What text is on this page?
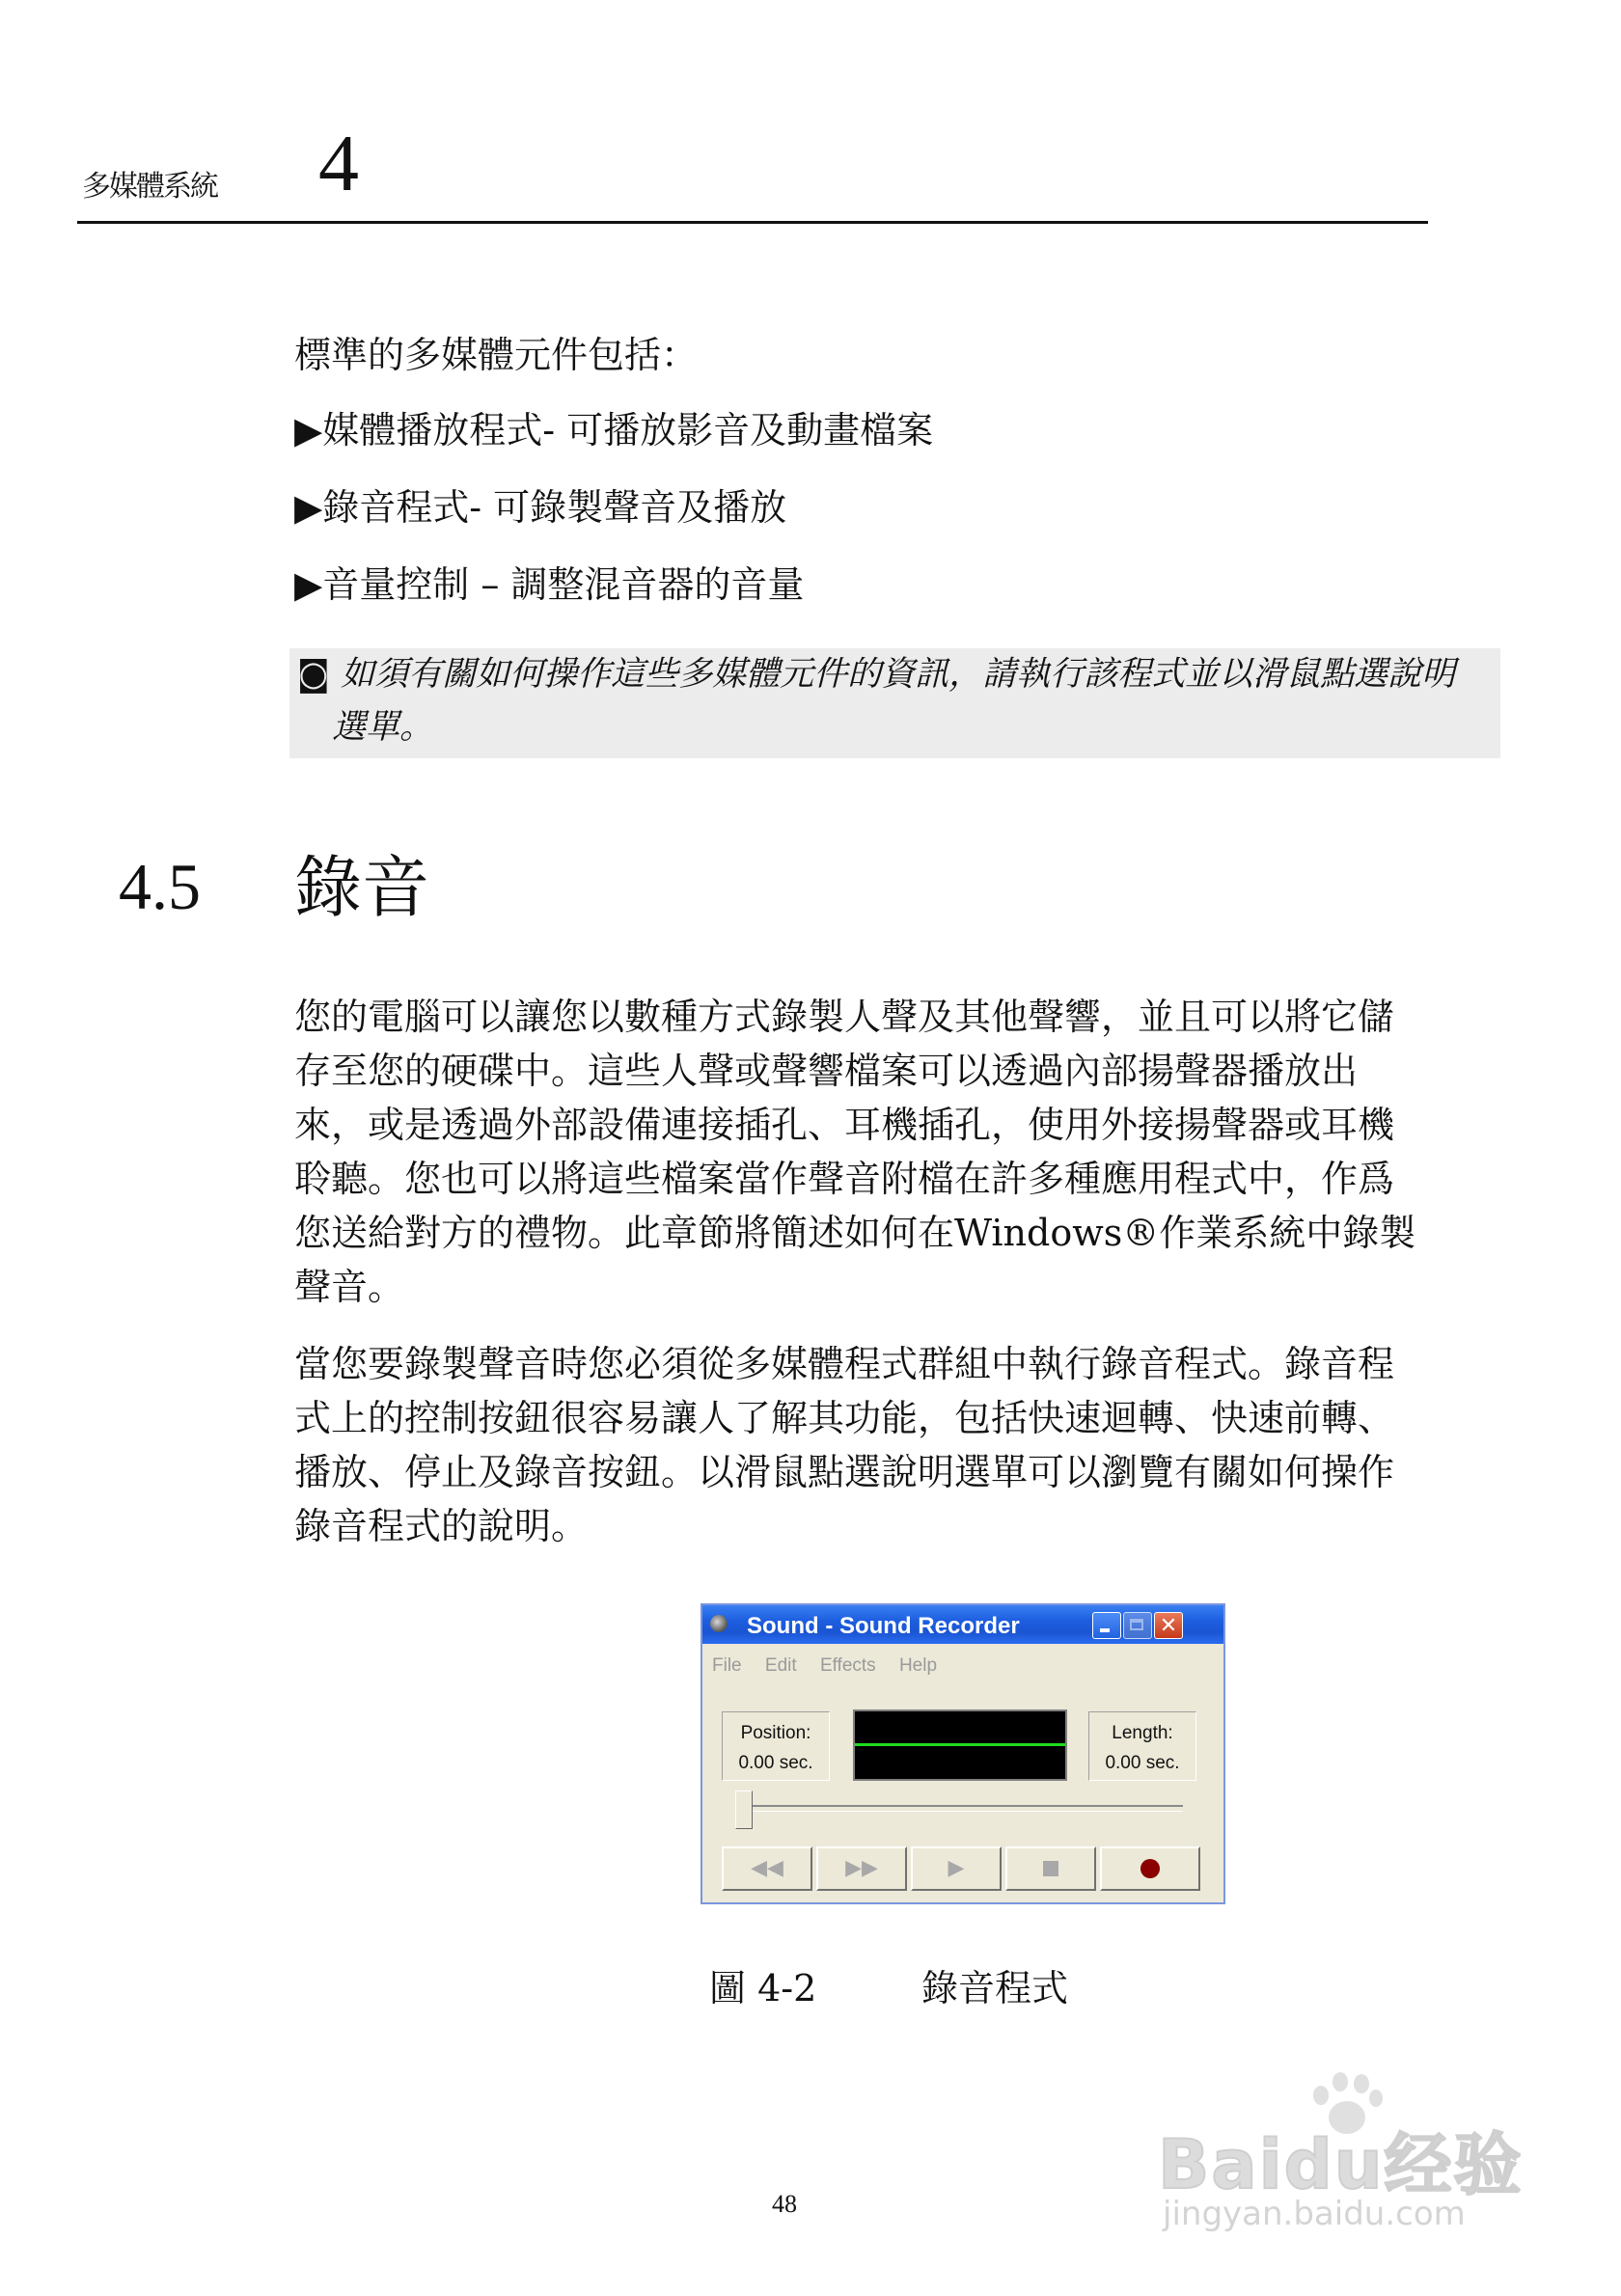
多媒體系統 4
標準的多媒體元件包括：
▶媒體播放程式- 可播放影音及動畫檔案
▶錄音程式- 可錄製聲音及播放
▶音量控制 – 調整混音器的音量
◙ 如須有關如何操作這些多媒體元件的資訊，請執行該程式並以滑鼠點選說明
選單。
4.5 錄音
您的電腦可以讓您以數種方式錄製人聲及其他聲響，並且可以將它儲
存至您的硬碟中。這些人聲或聲響檔案可以透過內部揚聲器播放出
來，或是透過外部設備連接插孔、耳機插孔，使用外接揚聲器或耳機
聆聽。您也可以將這些檔案當作聲音附檔在許多種應用程式中，作爲
您送給對方的禮物。此章節將簡述如何在Windows®作業系統中錄製
聲音。
當您要錄製聲音時您必須從多媒體程式群組中執行錄音程式。錄音程
式上的控制按鈕很容易讓人了解其功能，包括快速迴轉、快速前轉、
播放、停止及錄音按鈕。以滑鼠點選說明選單可以瀏覽有關如何操作
錄音程式的說明。
Sound - Sound Recorder	✕
File Edit Effects Help
Position:
0.00 sec.
Length:
0.00 sec.
◀◀	▶▶	▶
圖 4-2	錄音程式
48	Baidu经验
jingyan.baidu.com
